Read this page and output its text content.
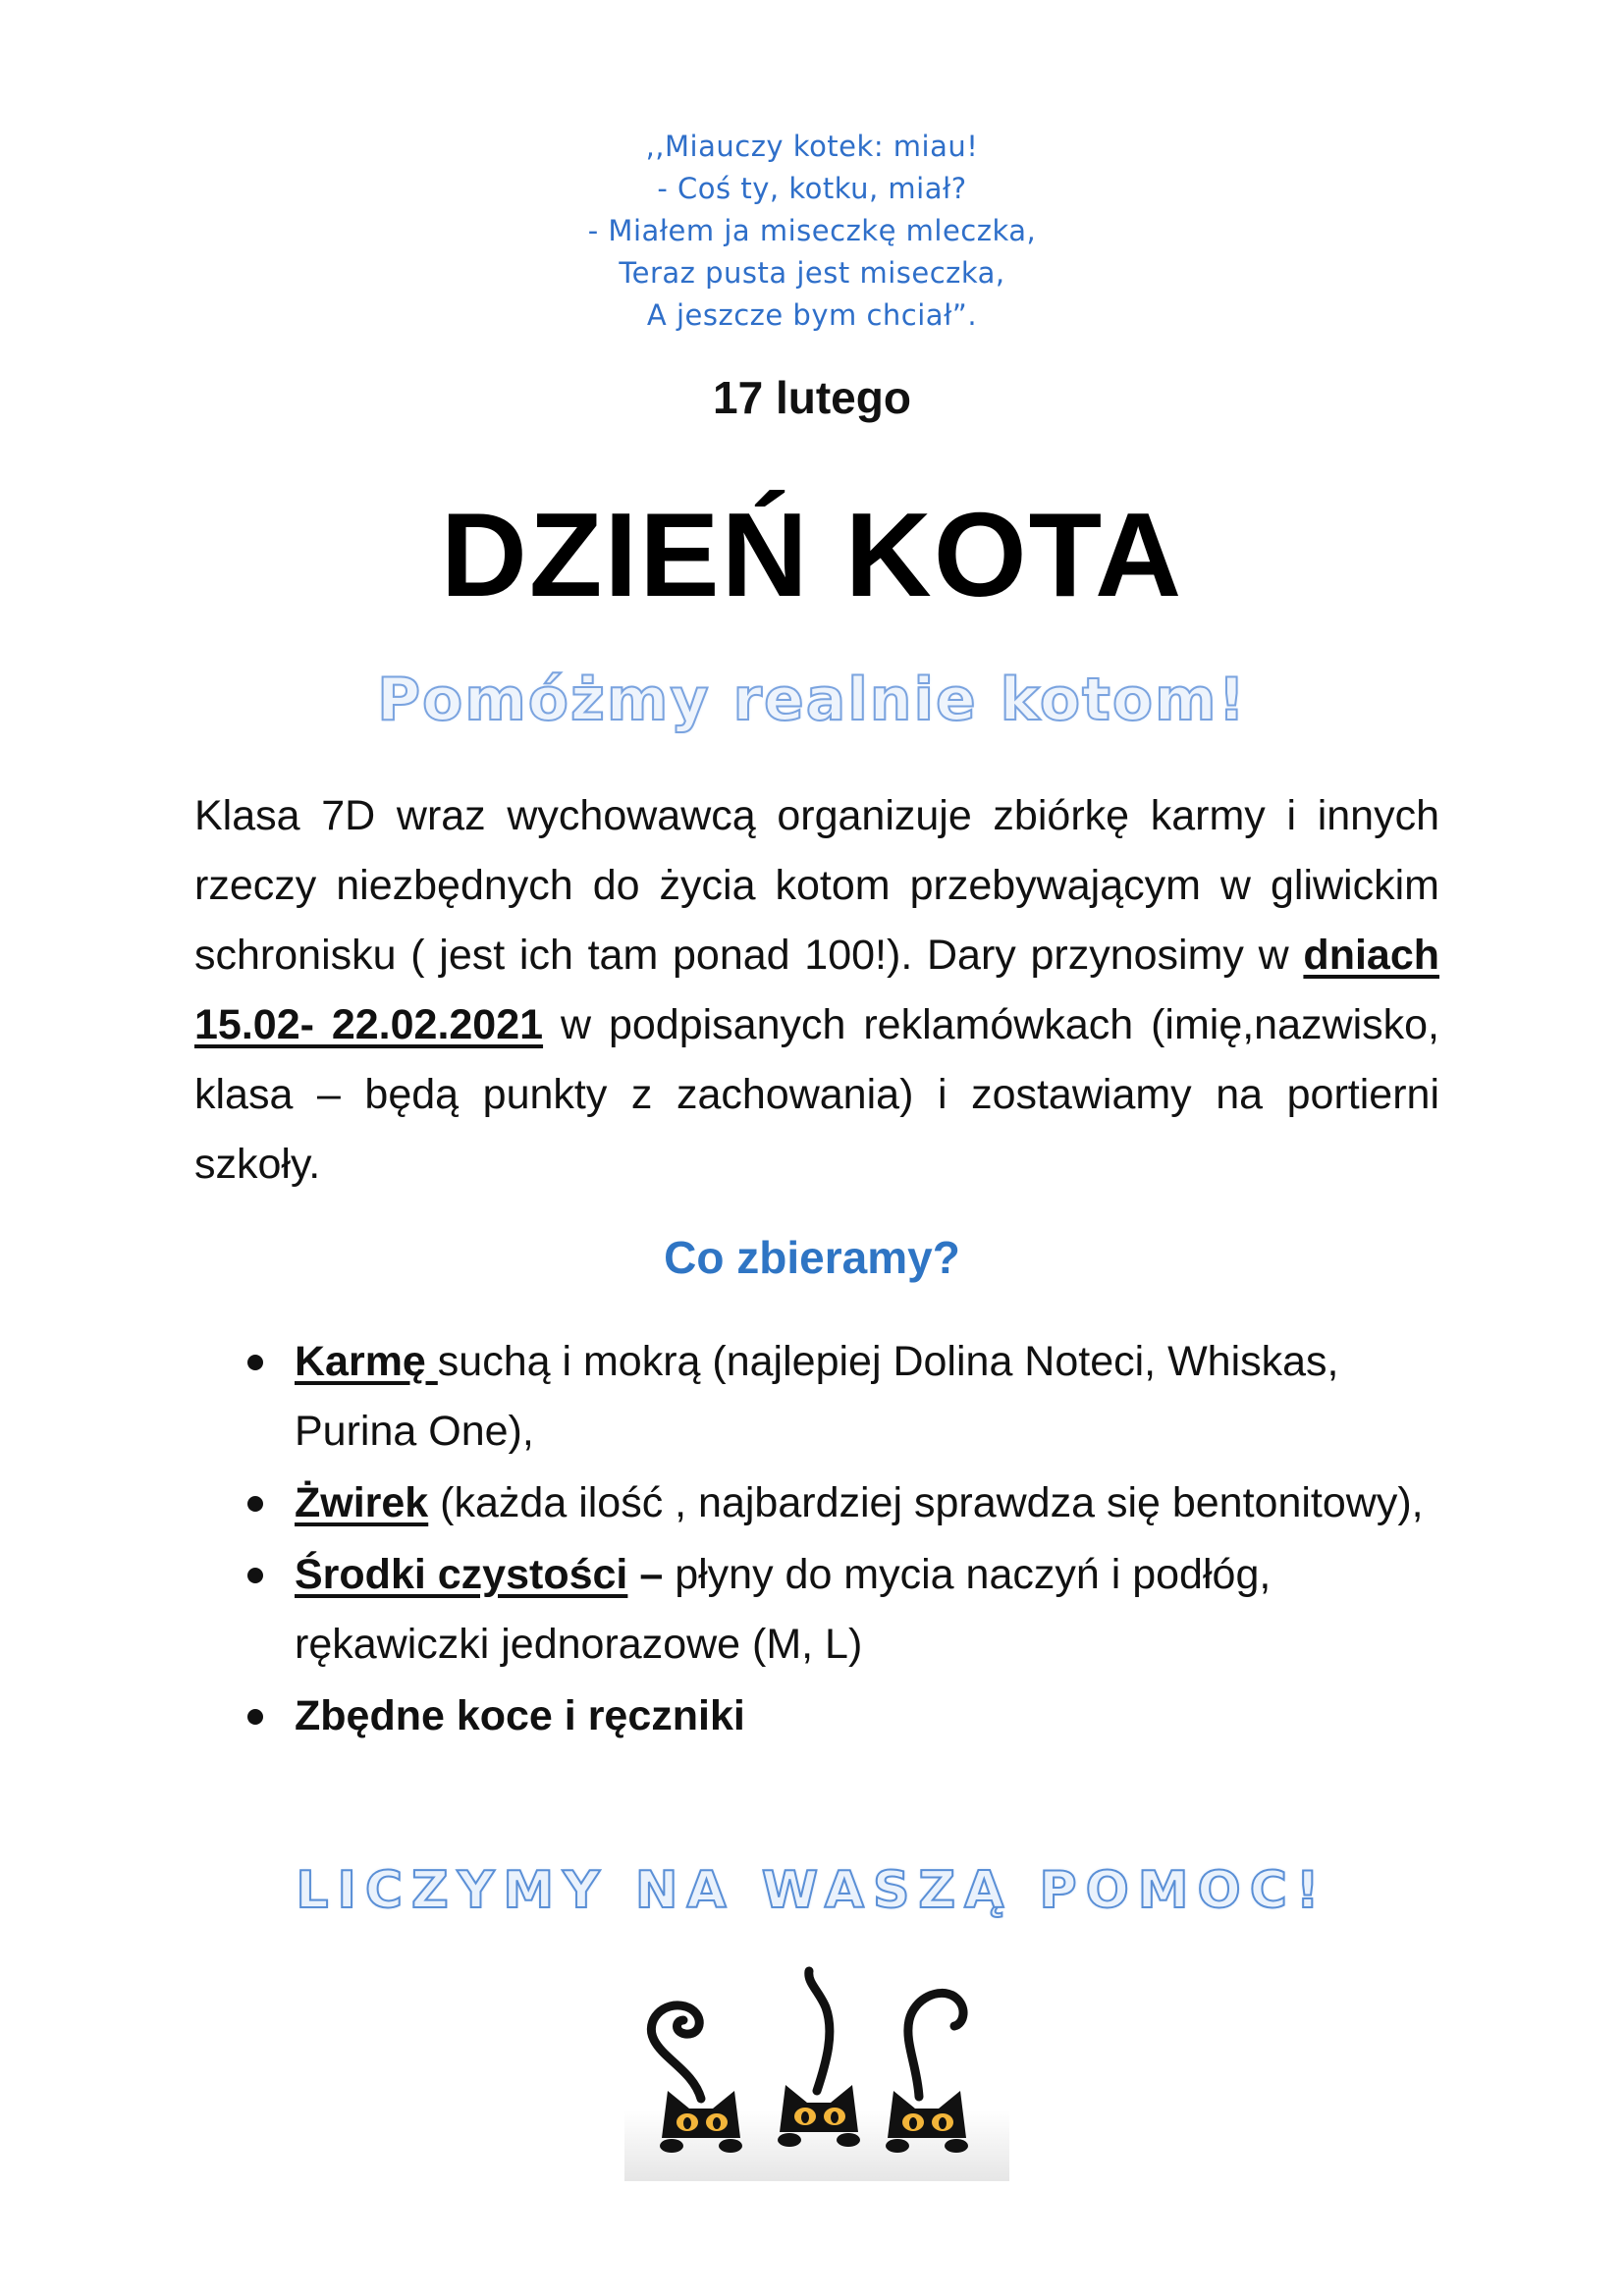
,,Miauczy kotek: miau!
- Coś ty, kotku, miał?
- Miałem ja miseczkę mleczka,
Teraz pusta jest miseczka,
A jeszcze bym chciał”.
17 lutego
DZIEŃ KOTA
Pomóżmy realnie kotom!
Klasa 7D wraz wychowawcą organizuje zbiórkę karmy i innych rzeczy niezbędnych do życia kotom przebywającym w gliwickim schronisku ( jest ich tam ponad 100!). Dary przynosimy w dniach 15.02- 22.02.2021 w podpisanych reklamówkach (imię,nazwisko, klasa – będą punkty z zachowania) i zostawiamy na portierni szkoły.
Co zbieramy?
Karmę suchą i mokrą (najlepiej Dolina Noteci, Whiskas, Purina One),
Żwirek (każda ilość , najbardziej sprawdza się bentonitowy),
Środki czystości – płyny do mycia naczyń i podłóg, rękawiczki jednorazowe (M, L)
Zbędne koce i ręczniki
LICZYMY NA WASZĄ POMOC!
